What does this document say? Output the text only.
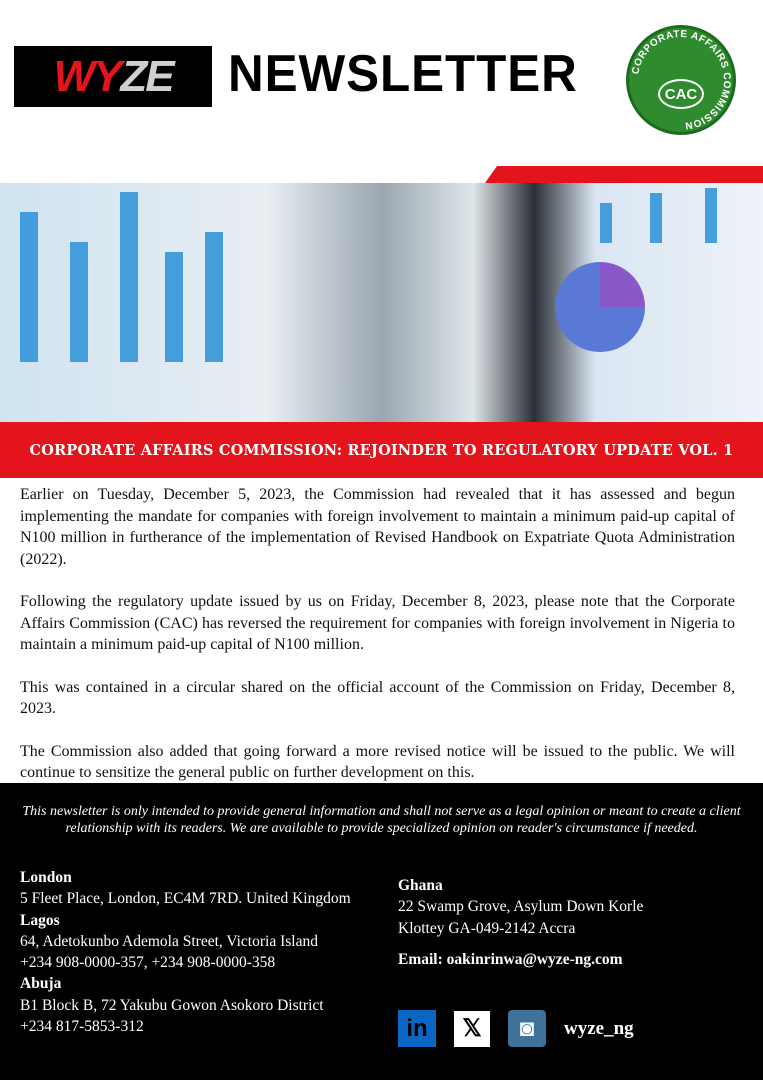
WY ZE NEWSLETTER	CORPORATE AFFAIRS COMMISSION
CAC
CORPORATE AFFAIRS COMMISSION: REJOINDER TO REGULATORY UPDATE VOL. 1

Earlier on Tuesday, December 5, 2023, the Commission had revealed that it has assessed and begun implementing the mandate for companies with foreign involvement to maintain a minimum paid-up capital of N100 million in furtherance of the implementation of Revised Handbook on Expatriate Quota Administration (2022).

Following the regulatory update issued by us on Friday, December 8, 2023, please note that the Corporate Affairs Commission (CAC) has reversed the requirement for companies with foreign involvement in Nigeria to maintain a minimum paid-up capital of N100 million.

This was contained in a circular shared on the official account of the Commission on Friday, December 8, 2023.

The Commission also added that going forward a more revised notice will be issued to the public. We will continue to sensitize the general public on further development on this.

This newsletter is only intended to provide general information and shall not serve as a legal opinion or meant to create a client relationship with its readers. We are available to provide specialized opinion on reader's circumstance if needed.
London
5 Fleet Place, London, EC4M 7RD. United Kingdom
Lagos
64, Adetokunbo Ademola Street, Victoria Island
+234 908-0000-357, +234 908-0000-358
Abuja
B1 Block B, 72 Yakubu Gowon Asokoro District
+234 817-5853-312
Ghana
22 Swamp Grove, Asylum Down Korle
Klottey GA-049-2142 Accra
Email: oakinrinwa@wyze-ng.com
in	𝕏	◙	wyze_ng
